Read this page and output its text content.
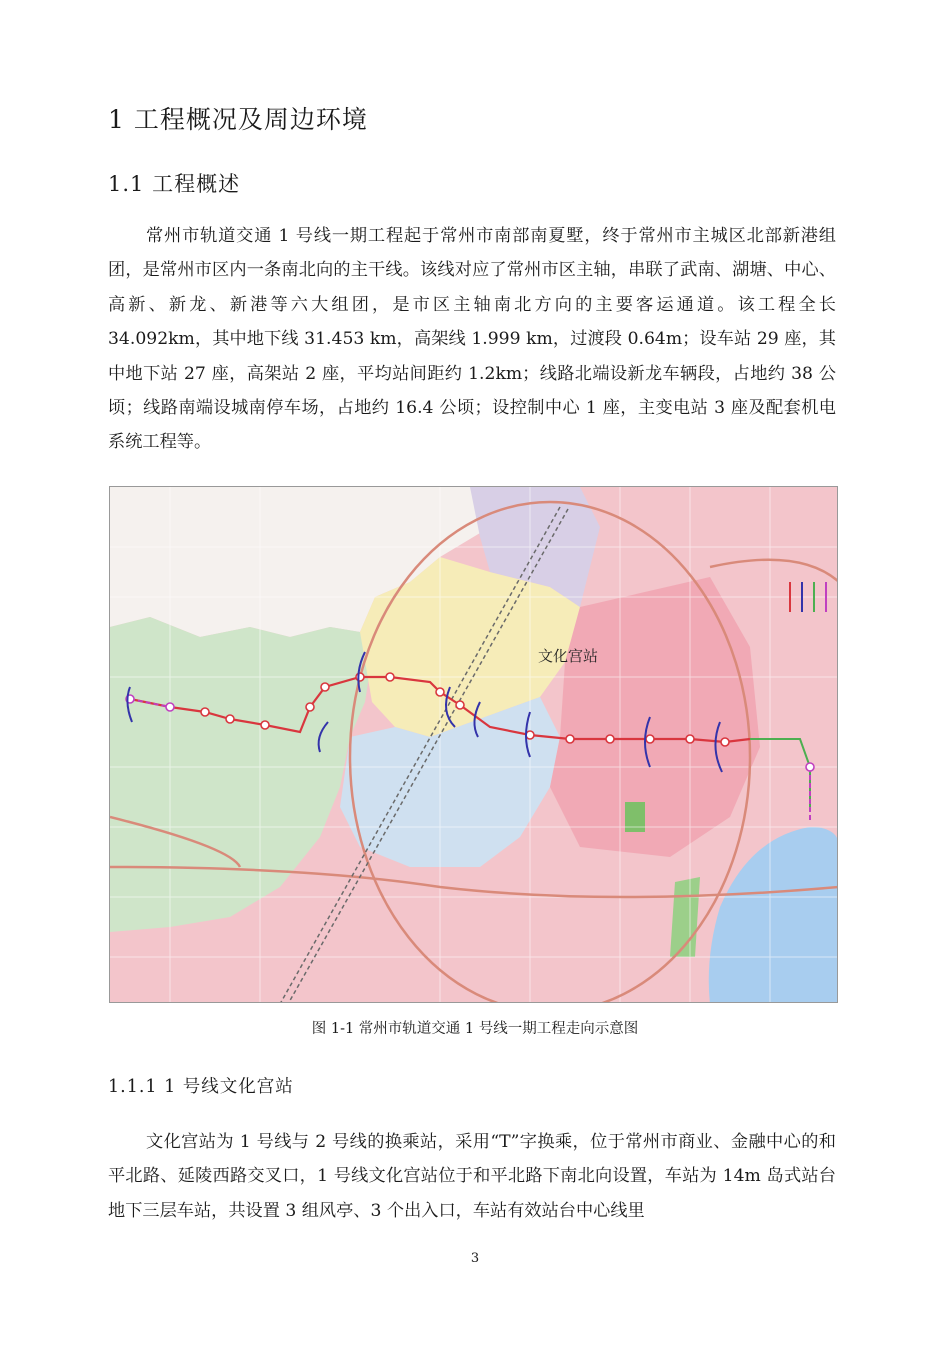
1 工程概况及周边环境
1.1 工程概述
常州市轨道交通 1 号线一期工程起于常州市南部南夏墅，终于常州市主城区北部新港组团，是常州市区内一条南北向的主干线。该线对应了常州市区主轴，串联了武南、湖塘、中心、高新、新龙、新港等六大组团，是市区主轴南北方向的主要客运通道。该工程全长 34.092km，其中地下线 31.453 km，高架线 1.999 km，过渡段 0.64m；设车站 29 座，其中地下站 27 座，高架站 2 座，平均站间距约 1.2km；线路北端设新龙车辆段，占地约 38 公顷；线路南端设城南停车场，占地约 16.4 公顷；设控制中心 1 座，主变电站 3 座及配套机电系统工程等。
文化宫站
图 1-1 常州市轨道交通 1 号线一期工程走向示意图
1.1.1 1 号线文化宫站
文化宫站为 1 号线与 2 号线的换乘站，采用“T”字换乘，位于常州市商业、金融中心的和平北路、延陵西路交叉口，1 号线文化宫站位于和平北路下南北向设置，车站为 14m 岛式站台地下三层车站，共设置 3 组风亭、3 个出入口，车站有效站台中心线里
3
